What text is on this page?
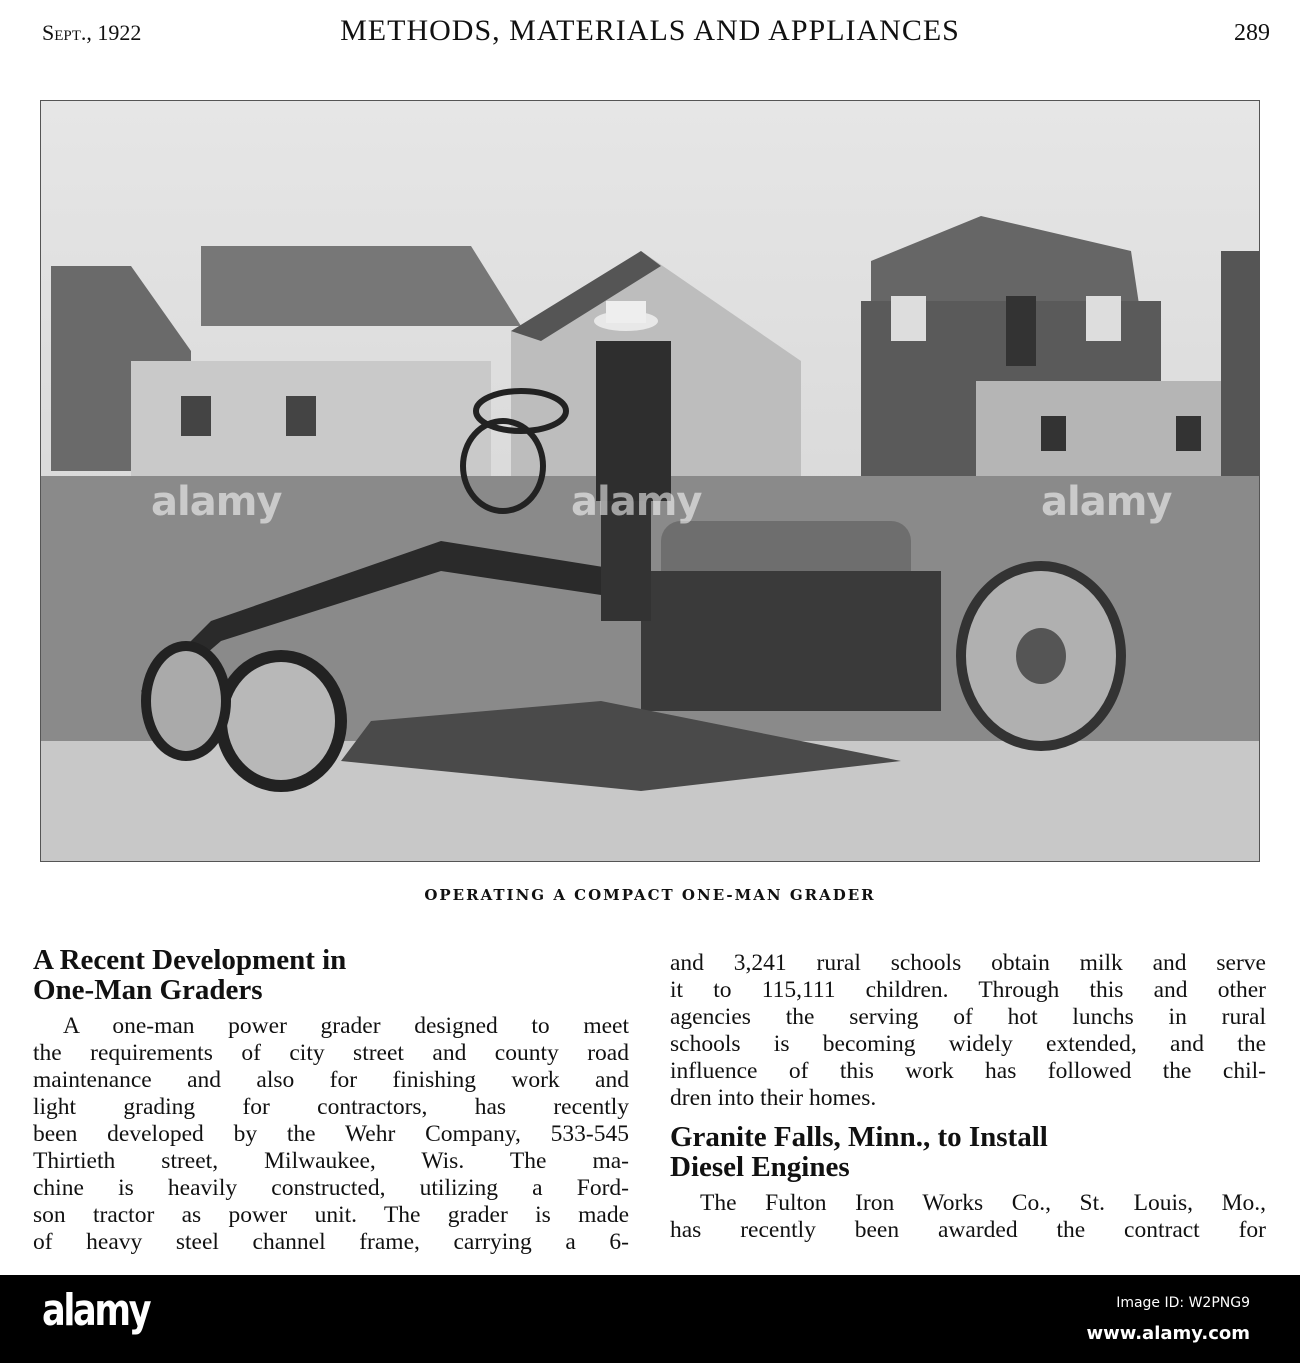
Sept., 1922	METHODS, MATERIALS AND APPLIANCES	289
alamy	alamy	alamy
OPERATING A COMPACT ONE-MAN GRADER
A Recent Development in
One-Man Graders
A one-man power grader designed to meet
the requirements of city street and county road
maintenance and also for finishing work and
light grading for contractors, has recently
been developed by the Wehr Company, 533-545
Thirtieth street, Milwaukee, Wis. The ma-
chine is heavily constructed, utilizing a Ford-
son tractor as power unit. The grader is made
of heavy steel channel frame, carrying a 6-
and 3,241 rural schools obtain milk and serve
it to 115,111 children. Through this and other
agencies the serving of hot lunchs in rural
schools is becoming widely extended, and the
influence of this work has followed the chil-
dren into their homes.
Granite Falls, Minn., to Install
Diesel Engines
The Fulton Iron Works Co., St. Louis, Mo.,
has recently been awarded the contract for
alamy	Image ID: W2PNG9
www.alamy.com
